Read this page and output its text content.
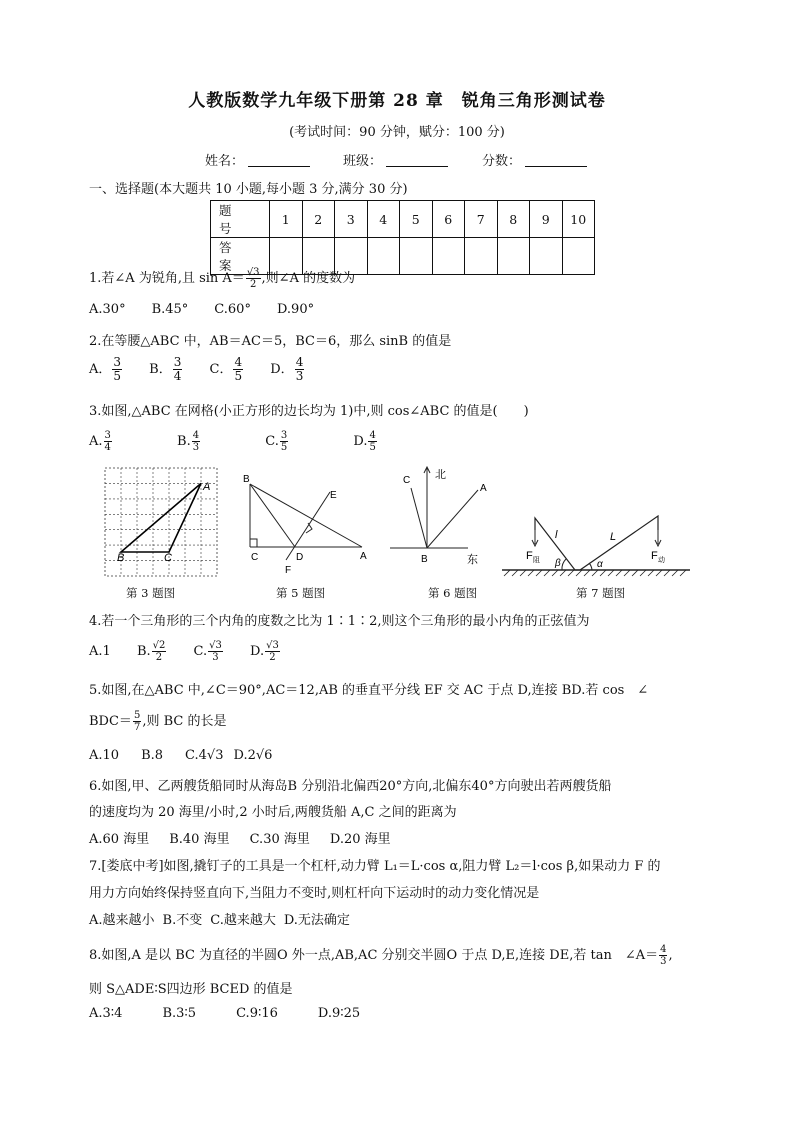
人教版数学九年级下册第 28 章　锐角三角形测试卷
(考试时间：90 分钟，赋分：100 分)
姓名：	班级：	分数：
一、选择题(本大题共 10 小题,每小题 3 分,满分 30 分)
题号	1	2	3	4	5	6	7	8	9	10
答案										
1.若∠A 为锐角,且 $\sin A= \frac{√3}{2}$ ,则∠A 的度数为
A.30° B.45° C.60° D.90°
2.在等腰△ABC 中，AB＝AC＝5，BC＝6，那么 sinB 的值是
A． $\frac{3}{5}$ B． $\frac{3}{4}$ C． $\frac{4}{5}$ D． $\frac{4}{3}$
3.如图,△ABC 在网格(小正方形的边长均为 1)中,则 cos∠ABC 的值是(　　)
A. $\frac{3}{4}$	B. $\frac{4}{3}$	C. $\frac{3}{5}$	D. $\frac{4}{5}$
A
B	C
B
C
F
D	A
E
C 北
A
B	东
l	L
β	α
F 阻	F 动
第 3 题图	第 5 题图	第 6 题图	第 7 题图
4.若一个三角形的三个内角的度数之比为 1∶1∶2,则这个三角形的最小内角的正弦值为
A.1 B. $\frac{√2}{2} C$. $\frac{√3}{3} D$. $\frac{√3}{2}$
5.如图,在△ABC 中,∠C＝90°,AC＝12,AB 的垂直平分线 EF 交 AC 于点 D,连接 BD.若 cos　∠
$BDC= \frac{5}{7}$ ,则 BC 的长是
A.10 B.8 C.4√3 D.2√6
6.如图,甲、乙两艘货船同时从海岛B 分别沿北偏西20°方向,北偏东40°方向驶出若两艘货船
的速度均为 20 海里/小时,2 小时后,两艘货船 A,C 之间的距离为
A.60 海里 B.40 海里 C.30 海里 D.20 海里
7.[娄底中考]如图,撬钉子的工具是一个杠杆,动力臂 L₁＝L·cos α,阻力臂 L₂＝l·cos β,如果动力 F 的
用力方向始终保持竖直向下,当阻力不变时,则杠杆向下运动时的动力变化情况是
A.越来越小 B.不变 C.越来越大 D.无法确定
8.如图,A 是以 BC 为直径的半圆O 外一点,AB,AC 分别交半圆O 于点 D,E,连接 DE,若 tan　∠A＝ $\frac{4}{3}$ ,
则 S△ADE∶S四边形 BCED 的值是
A.3∶4	B.3∶5	C.9∶16	D.9∶25
